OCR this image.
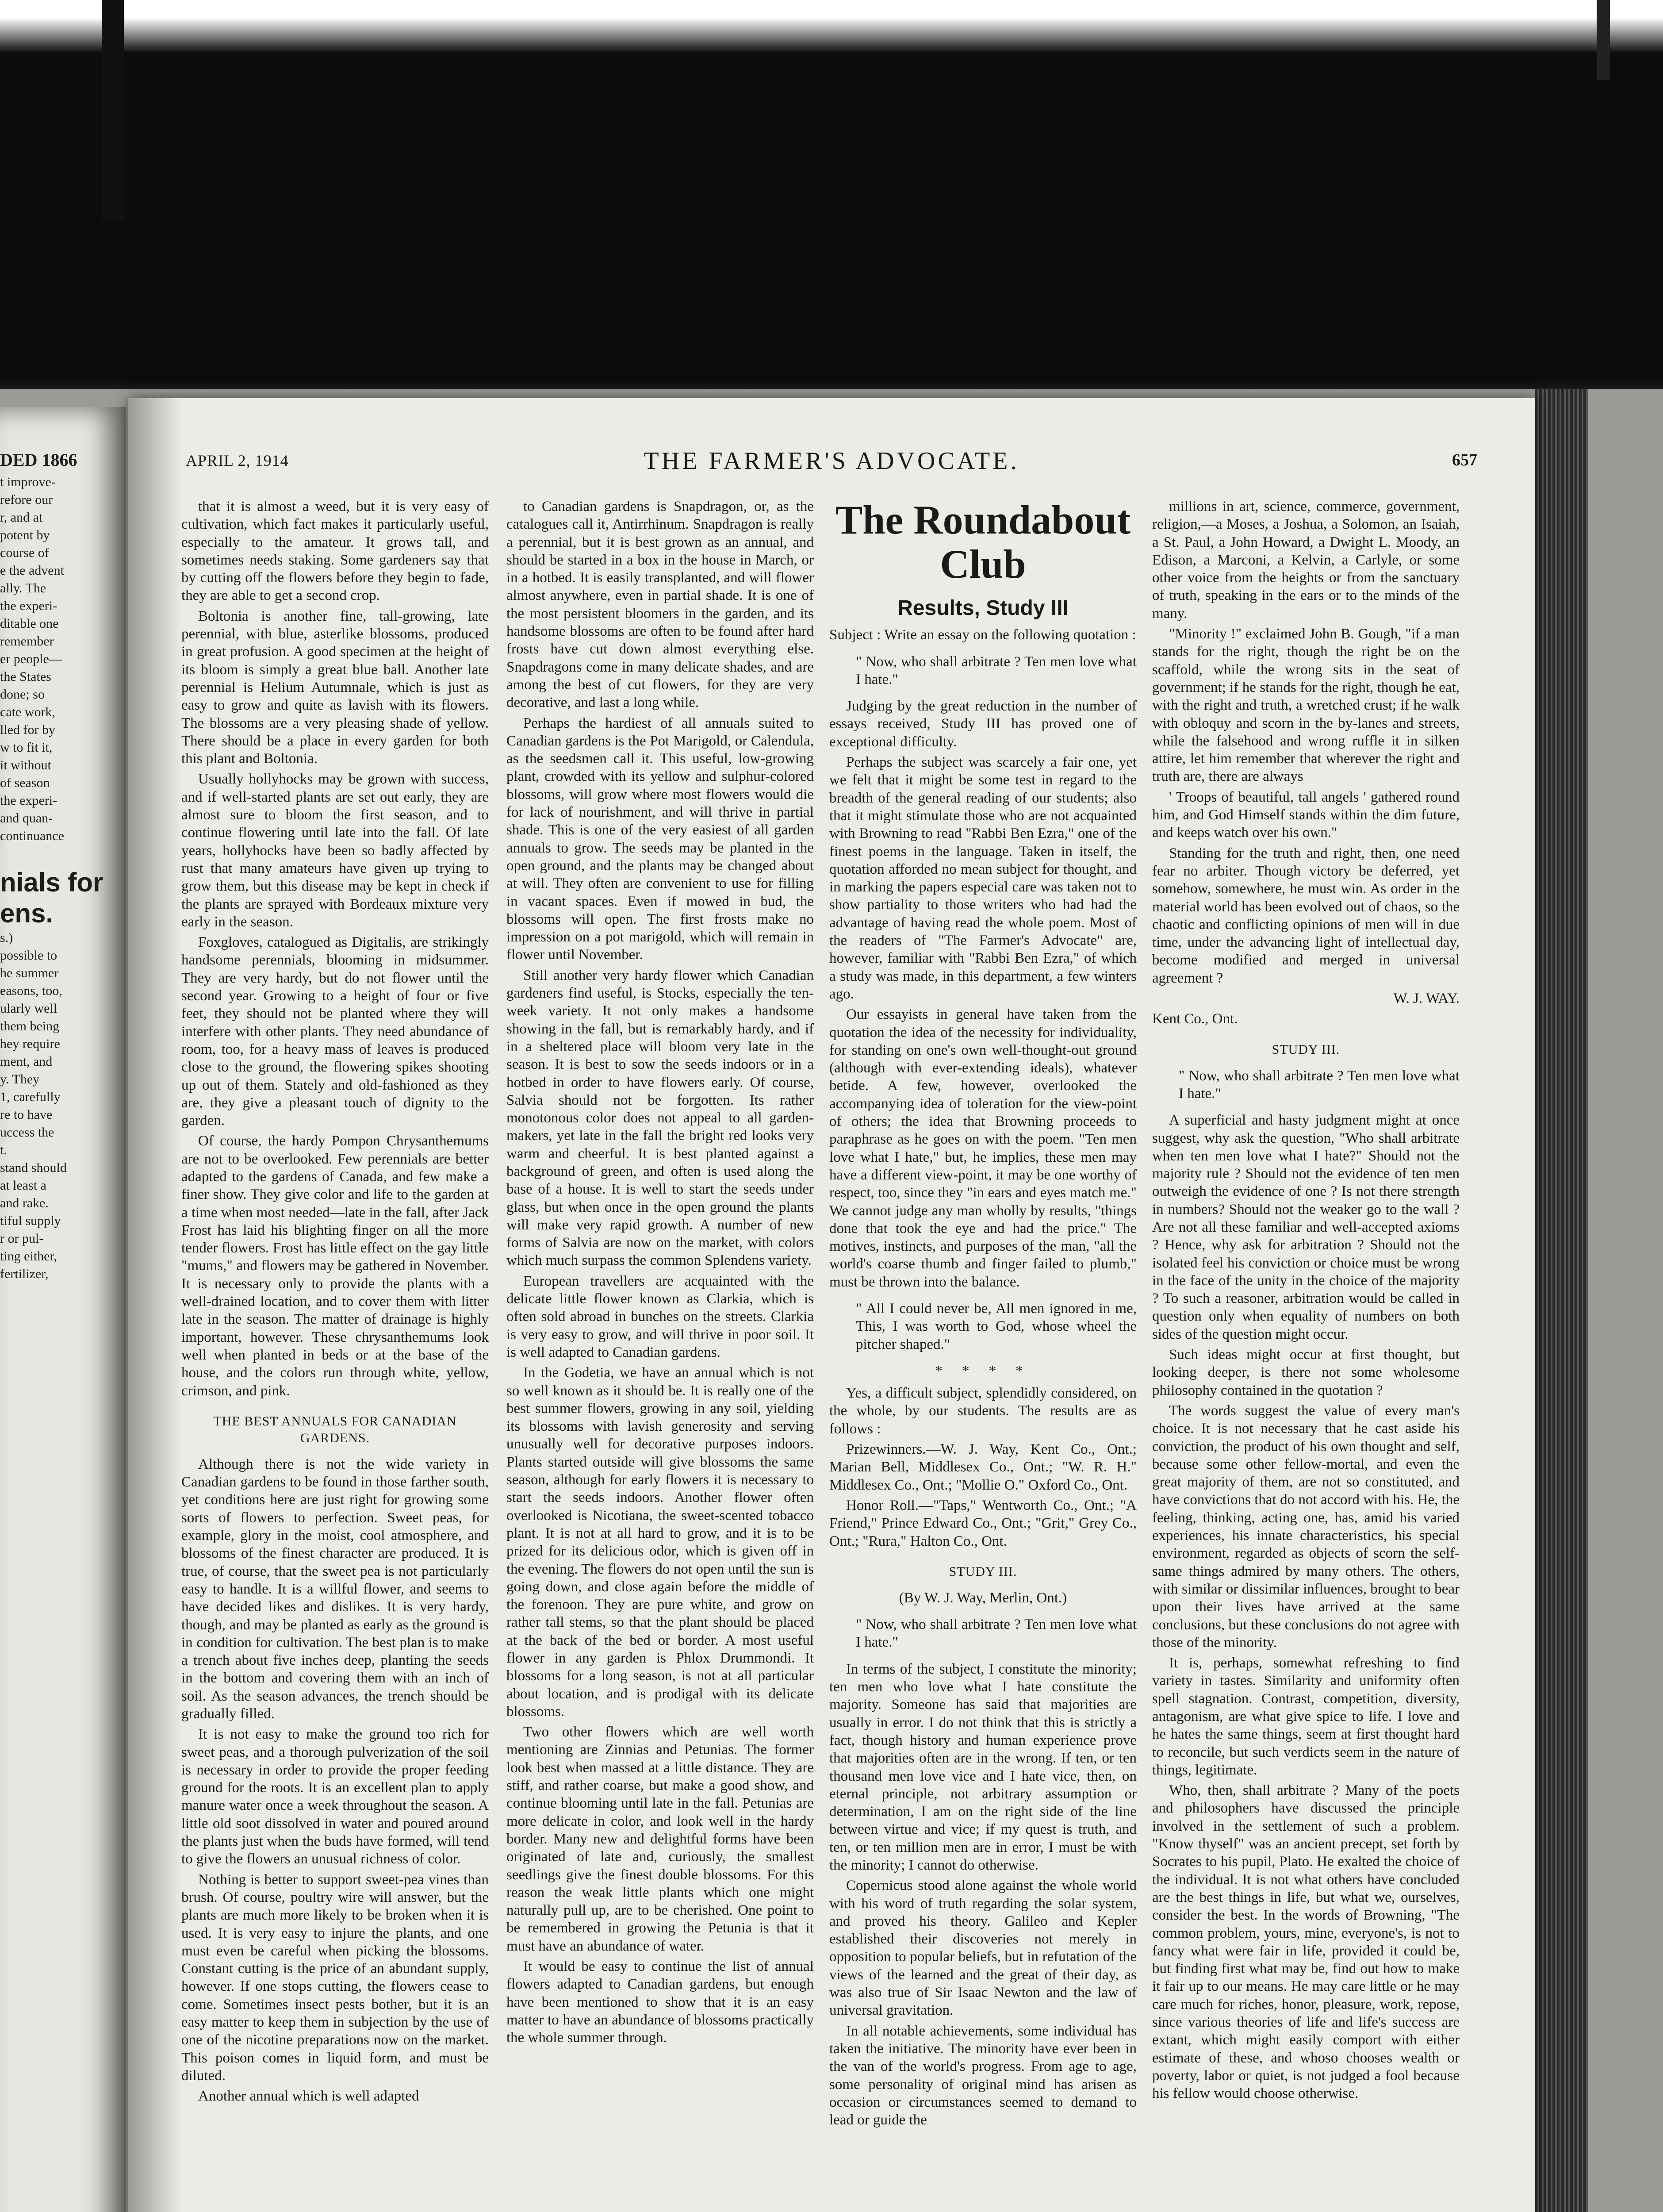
DED 1866
t improve-
refore our
r, and at
potent by
course of
e the advent
ally. The
the experi-
ditable one
remember
er people—
the States
done; so
cate work,
lled for by
w to fit it,
it without
of season
the experi-
and quan-
continuance
nials for
ens.
s.)
possible to
he summer
easons, too,
ularly well
them being
hey require
ment, and
y. They
1, carefully
re to have
uccess the
t.
stand should
at least a
and rake.
tiful supply
r or pul-
ting either,
fertilizer,
APRIL 2, 1914	THE FARMER'S ADVOCATE.	657

that it is almost a weed, but it is very easy of cultivation, which fact makes it particularly useful, especially to the amateur. It grows tall, and sometimes needs staking. Some gardeners say that by cutting off the flowers before they begin to fade, they are able to get a second crop.

Boltonia is another fine, tall-growing, late perennial, with blue, asterlike blossoms, produced in great profusion. A good specimen at the height of its bloom is simply a great blue ball. Another late perennial is Helium Autumnale, which is just as easy to grow and quite as lavish with its flowers. The blossoms are a very pleasing shade of yellow. There should be a place in every garden for both this plant and Boltonia.

Usually hollyhocks may be grown with success, and if well-started plants are set out early, they are almost sure to bloom the first season, and to continue flowering until late into the fall. Of late years, hollyhocks have been so badly affected by rust that many amateurs have given up trying to grow them, but this disease may be kept in check if the plants are sprayed with Bordeaux mixture very early in the season.

Foxgloves, catalogued as Digitalis, are strikingly handsome perennials, blooming in midsummer. They are very hardy, but do not flower until the second year. Growing to a height of four or five feet, they should not be planted where they will interfere with other plants. They need abundance of room, too, for a heavy mass of leaves is produced close to the ground, the flowering spikes shooting up out of them. Stately and old-fashioned as they are, they give a pleasant touch of dignity to the garden.

Of course, the hardy Pompon Chrysanthemums are not to be overlooked. Few perennials are better adapted to the gardens of Canada, and few make a finer show. They give color and life to the garden at a time when most needed—late in the fall, after Jack Frost has laid his blighting finger on all the more tender flowers. Frost has little effect on the gay little "mums," and flowers may be gathered in November. It is necessary only to provide the plants with a well-drained location, and to cover them with litter late in the season. The matter of drainage is highly important, however. These chrysanthemums look well when planted in beds or at the base of the house, and the colors run through white, yellow, crimson, and pink.

THE BEST ANNUALS FOR CANADIAN GARDENS.

Although there is not the wide variety in Canadian gardens to be found in those farther south, yet conditions here are just right for growing some sorts of flowers to perfection. Sweet peas, for example, glory in the moist, cool atmosphere, and blossoms of the finest character are produced. It is true, of course, that the sweet pea is not particularly easy to handle. It is a willful flower, and seems to have decided likes and dislikes. It is very hardy, though, and may be planted as early as the ground is in condition for cultivation. The best plan is to make a trench about five inches deep, planting the seeds in the bottom and covering them with an inch of soil. As the season advances, the trench should be gradually filled.

It is not easy to make the ground too rich for sweet peas, and a thorough pulverization of the soil is necessary in order to provide the proper feeding ground for the roots. It is an excellent plan to apply manure water once a week throughout the season. A little old soot dissolved in water and poured around the plants just when the buds have formed, will tend to give the flowers an unusual richness of color.

Nothing is better to support sweet-pea vines than brush. Of course, poultry wire will answer, but the plants are much more likely to be broken when it is used. It is very easy to injure the plants, and one must even be careful when picking the blossoms. Constant cutting is the price of an abundant supply, however. If one stops cutting, the flowers cease to come. Sometimes insect pests bother, but it is an easy matter to keep them in subjection by the use of one of the nicotine preparations now on the market. This poison comes in liquid form, and must be diluted.

Another annual which is well adapted

to Canadian gardens is Snapdragon, or, as the catalogues call it, Antirrhinum. Snapdragon is really a perennial, but it is best grown as an annual, and should be started in a box in the house in March, or in a hotbed. It is easily transplanted, and will flower almost anywhere, even in partial shade. It is one of the most persistent bloomers in the garden, and its handsome blossoms are often to be found after hard frosts have cut down almost everything else. Snapdragons come in many delicate shades, and are among the best of cut flowers, for they are very decorative, and last a long while.

Perhaps the hardiest of all annuals suited to Canadian gardens is the Pot Marigold, or Calendula, as the seedsmen call it. This useful, low-growing plant, crowded with its yellow and sulphur-colored blossoms, will grow where most flowers would die for lack of nourishment, and will thrive in partial shade. This is one of the very easiest of all garden annuals to grow. The seeds may be planted in the open ground, and the plants may be changed about at will. They often are convenient to use for filling in vacant spaces. Even if mowed in bud, the blossoms will open. The first frosts make no impression on a pot marigold, which will remain in flower until November.

Still another very hardy flower which Canadian gardeners find useful, is Stocks, especially the ten-week variety. It not only makes a handsome showing in the fall, but is remarkably hardy, and if in a sheltered place will bloom very late in the season. It is best to sow the seeds indoors or in a hotbed in order to have flowers early. Of course, Salvia should not be forgotten. Its rather monotonous color does not appeal to all garden-makers, yet late in the fall the bright red looks very warm and cheerful. It is best planted against a background of green, and often is used along the base of a house. It is well to start the seeds under glass, but when once in the open ground the plants will make very rapid growth. A number of new forms of Salvia are now on the market, with colors which much surpass the common Splendens variety.

European travellers are acquainted with the delicate little flower known as Clarkia, which is often sold abroad in bunches on the streets. Clarkia is very easy to grow, and will thrive in poor soil. It is well adapted to Canadian gardens.

In the Godetia, we have an annual which is not so well known as it should be. It is really one of the best summer flowers, growing in any soil, yielding its blossoms with lavish generosity and serving unusually well for decorative purposes indoors. Plants started outside will give blossoms the same season, although for early flowers it is necessary to start the seeds indoors. Another flower often overlooked is Nicotiana, the sweet-scented tobacco plant. It is not at all hard to grow, and it is to be prized for its delicious odor, which is given off in the evening. The flowers do not open until the sun is going down, and close again before the middle of the forenoon. They are pure white, and grow on rather tall stems, so that the plant should be placed at the back of the bed or border. A most useful flower in any garden is Phlox Drummondi. It blossoms for a long season, is not at all particular about location, and is prodigal with its delicate blossoms.

Two other flowers which are well worth mentioning are Zinnias and Petunias. The former look best when massed at a little distance. They are stiff, and rather coarse, but make a good show, and continue blooming until late in the fall. Petunias are more delicate in color, and look well in the hardy border. Many new and delightful forms have been originated of late and, curiously, the smallest seedlings give the finest double blossoms. For this reason the weak little plants which one might naturally pull up, are to be cherished. One point to be remembered in growing the Petunia is that it must have an abundance of water.

It would be easy to continue the list of annual flowers adapted to Canadian gardens, but enough have been mentioned to show that it is an easy matter to have an abundance of blossoms practically the whole summer through.

The Roundabout Club
Results, Study III

Subject : Write an essay on the following quotation :

" Now, who shall arbitrate ? Ten men love what I hate."

Judging by the great reduction in the number of essays received, Study III has proved one of exceptional difficulty.

Perhaps the subject was scarcely a fair one, yet we felt that it might be some test in regard to the breadth of the general reading of our students; also that it might stimulate those who are not acquainted with Browning to read "Rabbi Ben Ezra," one of the finest poems in the language. Taken in itself, the quotation afforded no mean subject for thought, and in marking the papers especial care was taken not to show partiality to those writers who had had the advantage of having read the whole poem. Most of the readers of "The Farmer's Advocate" are, however, familiar with "Rabbi Ben Ezra," of which a study was made, in this department, a few winters ago.

Our essayists in general have taken from the quotation the idea of the necessity for individuality, for standing on one's own well-thought-out ground (although with ever-extending ideals), whatever betide. A few, however, overlooked the accompanying idea of toleration for the view-point of others; the idea that Browning proceeds to paraphrase as he goes on with the poem. "Ten men love what I hate," but, he implies, these men may have a different view-point, it may be one worthy of respect, too, since they "in ears and eyes match me." We cannot judge any man wholly by results, "things done that took the eye and had the price." The motives, instincts, and purposes of the man, "all the world's coarse thumb and finger failed to plumb," must be thrown into the balance.

" All I could never be, All men ignored in me, This, I was worth to God, whose wheel the pitcher shaped."

* * * *

Yes, a difficult subject, splendidly considered, on the whole, by our students. The results are as follows :

Prizewinners.—W. J. Way, Kent Co., Ont.; Marian Bell, Middlesex Co., Ont.; "W. R. H." Middlesex Co., Ont.; "Mollie O." Oxford Co., Ont.

Honor Roll.—"Taps," Wentworth Co., Ont.; "A Friend," Prince Edward Co., Ont.; "Grit," Grey Co., Ont.; "Rura," Halton Co., Ont.

STUDY III.

(By W. J. Way, Merlin, Ont.)

" Now, who shall arbitrate ? Ten men love what I hate."

In terms of the subject, I constitute the minority; ten men who love what I hate constitute the majority. Someone has said that majorities are usually in error. I do not think that this is strictly a fact, though history and human experience prove that majorities often are in the wrong. If ten, or ten thousand men love vice and I hate vice, then, on eternal principle, not arbitrary assumption or determination, I am on the right side of the line between virtue and vice; if my quest is truth, and ten, or ten million men are in error, I must be with the minority; I cannot do otherwise.

Copernicus stood alone against the whole world with his word of truth regarding the solar system, and proved his theory. Galileo and Kepler established their discoveries not merely in opposition to popular beliefs, but in refutation of the views of the learned and the great of their day, as was also true of Sir Isaac Newton and the law of universal gravitation.

In all notable achievements, some individual has taken the initiative. The minority have ever been in the van of the world's progress. From age to age, some personality of original mind has arisen as occasion or circumstances seemed to demand to lead or guide the

millions in art, science, commerce, government, religion,—a Moses, a Joshua, a Solomon, an Isaiah, a St. Paul, a John Howard, a Dwight L. Moody, an Edison, a Marconi, a Kelvin, a Carlyle, or some other voice from the heights or from the sanctuary of truth, speaking in the ears or to the minds of the many.

"Minority !" exclaimed John B. Gough, "if a man stands for the right, though the right be on the scaffold, while the wrong sits in the seat of government; if he stands for the right, though he eat, with the right and truth, a wretched crust; if he walk with obloquy and scorn in the by-lanes and streets, while the falsehood and wrong ruffle it in silken attire, let him remember that wherever the right and truth are, there are always

' Troops of beautiful, tall angels ' gathered round him, and God Himself stands within the dim future, and keeps watch over his own."

Standing for the truth and right, then, one need fear no arbiter. Though victory be deferred, yet somehow, somewhere, he must win. As order in the material world has been evolved out of chaos, so the chaotic and conflicting opinions of men will in due time, under the advancing light of intellectual day, become modified and merged in universal agreement ?

W. J. WAY.

Kent Co., Ont.

STUDY III.

" Now, who shall arbitrate ? Ten men love what I hate."

A superficial and hasty judgment might at once suggest, why ask the question, "Who shall arbitrate when ten men love what I hate?" Should not the majority rule ? Should not the evidence of ten men outweigh the evidence of one ? Is not there strength in numbers? Should not the weaker go to the wall ? Are not all these familiar and well-accepted axioms ? Hence, why ask for arbitration ? Should not the isolated feel his conviction or choice must be wrong in the face of the unity in the choice of the majority ? To such a reasoner, arbitration would be called in question only when equality of numbers on both sides of the question might occur.

Such ideas might occur at first thought, but looking deeper, is there not some wholesome philosophy contained in the quotation ?

The words suggest the value of every man's choice. It is not necessary that he cast aside his conviction, the product of his own thought and self, because some other fellow-mortal, and even the great majority of them, are not so constituted, and have convictions that do not accord with his. He, the feeling, thinking, acting one, has, amid his varied experiences, his innate characteristics, his special environment, regarded as objects of scorn the self-same things admired by many others. The others, with similar or dissimilar influences, brought to bear upon their lives have arrived at the same conclusions, but these conclusions do not agree with those of the minority.

It is, perhaps, somewhat refreshing to find variety in tastes. Similarity and uniformity often spell stagnation. Contrast, competition, diversity, antagonism, are what give spice to life. I love and he hates the same things, seem at first thought hard to reconcile, but such verdicts seem in the nature of things, legitimate.

Who, then, shall arbitrate ? Many of the poets and philosophers have discussed the principle involved in the settlement of such a problem. "Know thyself" was an ancient precept, set forth by Socrates to his pupil, Plato. He exalted the choice of the individual. It is not what others have concluded are the best things in life, but what we, ourselves, consider the best. In the words of Browning, "The common problem, yours, mine, everyone's, is not to fancy what were fair in life, provided it could be, but finding first what may be, find out how to make it fair up to our means. He may care little or he may care much for riches, honor, pleasure, work, repose, since various theories of life and life's success are extant, which might easily comport with either estimate of these, and whoso chooses wealth or poverty, labor or quiet, is not judged a fool because his fellow would choose otherwise.
